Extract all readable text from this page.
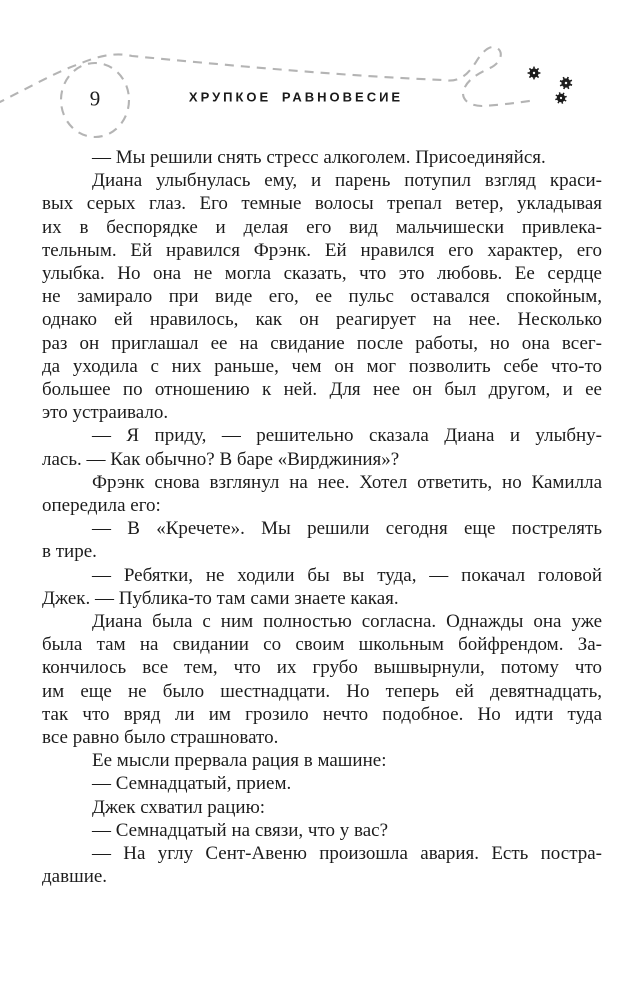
9	ХРУПКОЕ РАВНОВЕСИЕ
— Мы решили снять стресс алкоголем. Присоединяйся.
Диана улыбнулась ему, и парень потупил взгляд краси-
вых серых глаз. Его темные волосы трепал ветер, укладывая
их в беспорядке и делая его вид мальчишески привлека-
тельным. Ей нравился Фрэнк. Ей нравился его характер, его
улыбка. Но она не могла сказать, что это любовь. Ее сердце
не замирало при виде его, ее пульс оставался спокойным,
однако ей нравилось, как он реагирует на нее. Несколько
раз он приглашал ее на свидание после работы, но она всег-
да уходила с них раньше, чем он мог позволить себе что-то
большее по отношению к ней. Для нее он был другом, и ее
это устраивало.
— Я приду, — решительно сказала Диана и улыбну-
лась. — Как обычно? В баре «Вирджиния»?
Фрэнк снова взглянул на нее. Хотел ответить, но Камилла
опередила его:
— В «Кречете». Мы решили сегодня еще пострелять
в тире.
— Ребятки, не ходили бы вы туда, — покачал головой
Джек. — Публика-то там сами знаете какая.
Диана была с ним полностью согласна. Однажды она уже
была там на свидании со своим школьным бойфрендом. За-
кончилось все тем, что их грубо вышвырнули, потому что
им еще не было шестнадцати. Но теперь ей девятнадцать,
так что вряд ли им грозило нечто подобное. Но идти туда
все равно было страшновато.
Ее мысли прервала рация в машине:
— Семнадцатый, прием.
Джек схватил рацию:
— Семнадцатый на связи, что у вас?
— На углу Сент-Авеню произошла авария. Есть постра-
давшие.
